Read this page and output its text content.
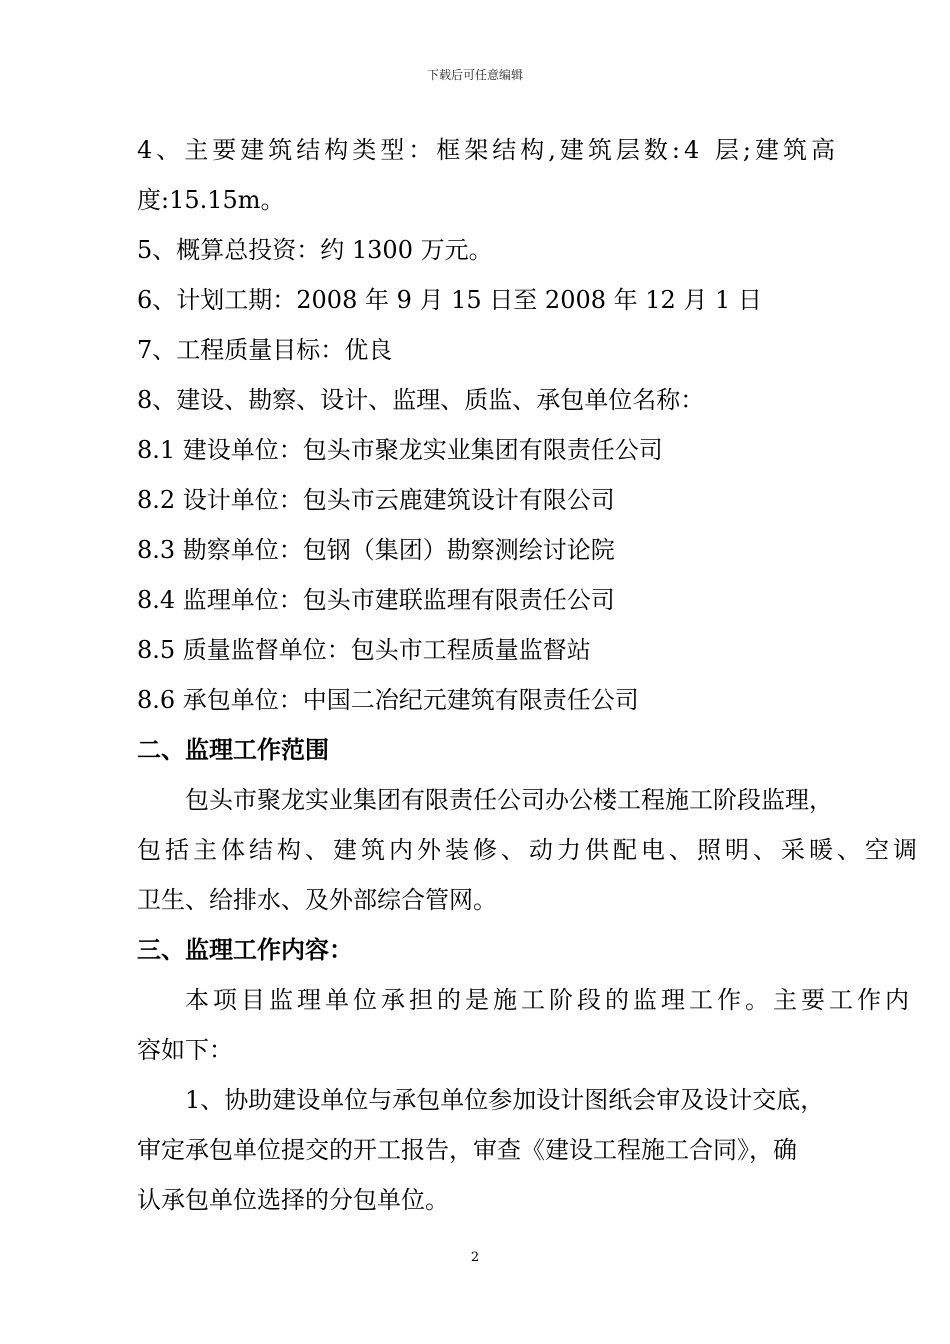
下载后可任意编辑
4、主要建筑结构类型：框架结构,建筑层数:4 层;建筑高
度:15.15m。
5、概算总投资：约 1300 万元。
6、计划工期：2008 年 9 月 15 日至 2008 年 12 月 1 日
7、工程质量目标：优良
8、建设、勘察、设计、监理、质监、承包单位名称：
8.1 建设单位：包头市聚龙实业集团有限责任公司
8.2 设计单位：包头市云鹿建筑设计有限公司
8.3 勘察单位：包钢（集团）勘察测绘讨论院
8.4 监理单位：包头市建联监理有限责任公司
8.5 质量监督单位：包头市工程质量监督站
8.6 承包单位：中国二冶纪元建筑有限责任公司
二、监理工作范围
包头市聚龙实业集团有限责任公司办公楼工程施工阶段监理，
包括主体结构、建筑内外装修、动力供配电、照明、采暖、空调
卫生、给排水、及外部综合管网。
三、监理工作内容：
本项目监理单位承担的是施工阶段的监理工作。主要工作内
容如下：
1、协助建设单位与承包单位参加设计图纸会审及设计交底，
审定承包单位提交的开工报告，审查《建设工程施工合同》，确
认承包单位选择的分包单位。
2
